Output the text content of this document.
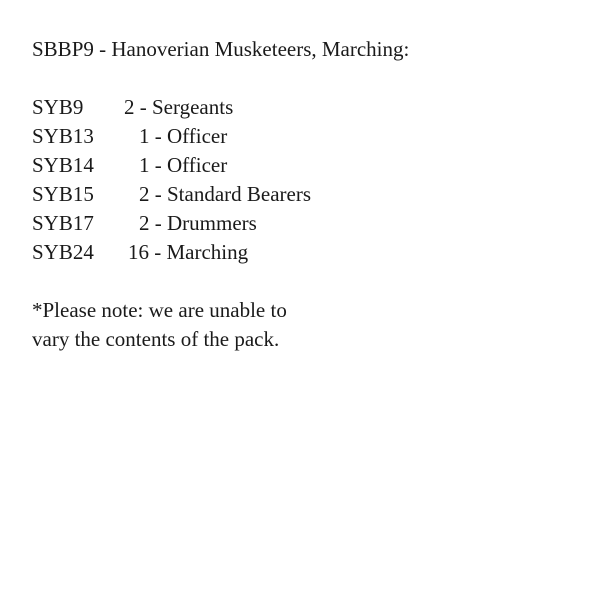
SBBP9 - Hanoverian Musketeers, Marching:
SYB9 2 - Sergeants
SYB13 1 - Officer
SYB14 1 - Officer
SYB15 2 - Standard Bearers
SYB17 2 - Drummers
SYB24 16 - Marching
*Please note: we are unable to
vary the contents of the pack.
